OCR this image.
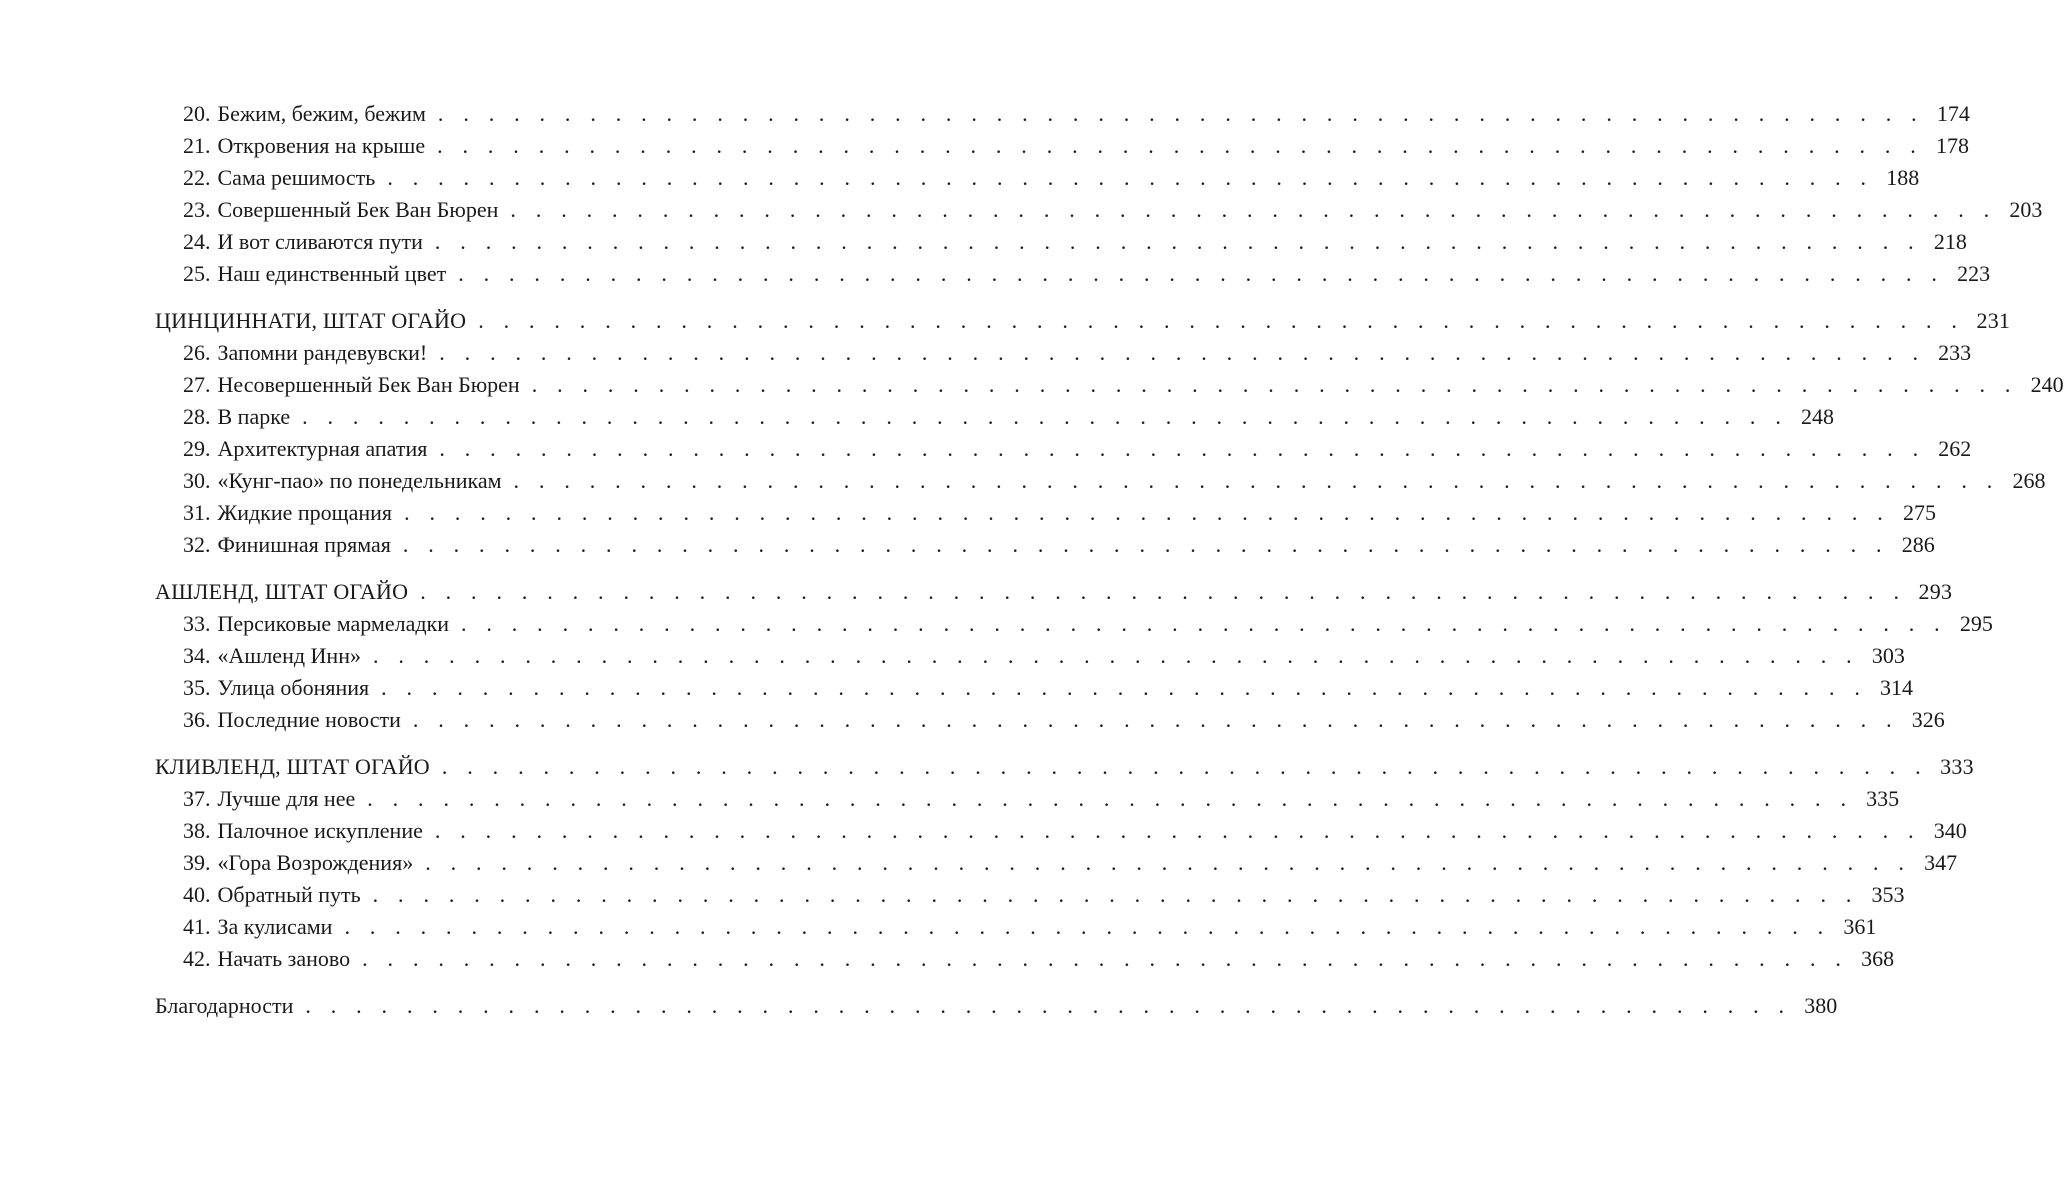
20. Бежим, бежим, бежим . . . . . . . . . . . . . . . . . . . . . . . . . . . . . . . . . . . . . . . . . . . . . . . . . . . . . . . . . . . 174
21. Откровения на крыше . . . . . . . . . . . . . . . . . . . . . . . . . . . . . . . . . . . . . . . . . . . . . . . . . . . . . . . . . . . 178
22. Сама решимость . . . . . . . . . . . . . . . . . . . . . . . . . . . . . . . . . . . . . . . . . . . . . . . . . . . . . . . . . . . 188
23. Совершенный Бек Ван Бюрен . . . . . . . . . . . . . . . . . . . . . . . . . . . . . . . . . . . . . . . . . . . . . . . . . . . . . . . . . . . 203
24. И вот сливаются пути . . . . . . . . . . . . . . . . . . . . . . . . . . . . . . . . . . . . . . . . . . . . . . . . . . . . . . . . . . . 218
25. Наш единственный цвет . . . . . . . . . . . . . . . . . . . . . . . . . . . . . . . . . . . . . . . . . . . . . . . . . . . . . . . . . . . 223
ЦИНЦИННАТИ, ШТАТ ОГАЙО . . . . . . . . . . . . . . . . . . . . . . . . . . . . . . . . . . . . . . . . . . . . . . . . . . . . . . . . . . . 231
26. Запомни рандевувски! . . . . . . . . . . . . . . . . . . . . . . . . . . . . . . . . . . . . . . . . . . . . . . . . . . . . . . . . . . . 233
27. Несовершенный Бек Ван Бюрен . . . . . . . . . . . . . . . . . . . . . . . . . . . . . . . . . . . . . . . . . . . . . . . . . . . . . . . . . . . 240
28. В парке . . . . . . . . . . . . . . . . . . . . . . . . . . . . . . . . . . . . . . . . . . . . . . . . . . . . . . . . . . . 248
29. Архитектурная апатия . . . . . . . . . . . . . . . . . . . . . . . . . . . . . . . . . . . . . . . . . . . . . . . . . . . . . . . . . . . 262
30. «Кунг-пао» по понедельникам . . . . . . . . . . . . . . . . . . . . . . . . . . . . . . . . . . . . . . . . . . . . . . . . . . . . . . . . . . . 268
31. Жидкие прощания . . . . . . . . . . . . . . . . . . . . . . . . . . . . . . . . . . . . . . . . . . . . . . . . . . . . . . . . . . . 275
32. Финишная прямая . . . . . . . . . . . . . . . . . . . . . . . . . . . . . . . . . . . . . . . . . . . . . . . . . . . . . . . . . . . 286
АШЛЕНД, ШТАТ ОГАЙО . . . . . . . . . . . . . . . . . . . . . . . . . . . . . . . . . . . . . . . . . . . . . . . . . . . . . . . . . . . 293
33. Персиковые мармеладки . . . . . . . . . . . . . . . . . . . . . . . . . . . . . . . . . . . . . . . . . . . . . . . . . . . . . . . . . . . 295
34. «Ашленд Инн» . . . . . . . . . . . . . . . . . . . . . . . . . . . . . . . . . . . . . . . . . . . . . . . . . . . . . . . . . . . 303
35. Улица обоняния . . . . . . . . . . . . . . . . . . . . . . . . . . . . . . . . . . . . . . . . . . . . . . . . . . . . . . . . . . . 314
36. Последние новости . . . . . . . . . . . . . . . . . . . . . . . . . . . . . . . . . . . . . . . . . . . . . . . . . . . . . . . . . . . 326
КЛИВЛЕНД, ШТАТ ОГАЙО . . . . . . . . . . . . . . . . . . . . . . . . . . . . . . . . . . . . . . . . . . . . . . . . . . . . . . . . . . . 333
37. Лучше для нее . . . . . . . . . . . . . . . . . . . . . . . . . . . . . . . . . . . . . . . . . . . . . . . . . . . . . . . . . . . 335
38. Палочное искупление . . . . . . . . . . . . . . . . . . . . . . . . . . . . . . . . . . . . . . . . . . . . . . . . . . . . . . . . . . . 340
39. «Гора Возрождения» . . . . . . . . . . . . . . . . . . . . . . . . . . . . . . . . . . . . . . . . . . . . . . . . . . . . . . . . . . . 347
40. Обратный путь . . . . . . . . . . . . . . . . . . . . . . . . . . . . . . . . . . . . . . . . . . . . . . . . . . . . . . . . . . . 353
41. За кулисами . . . . . . . . . . . . . . . . . . . . . . . . . . . . . . . . . . . . . . . . . . . . . . . . . . . . . . . . . . . 361
42. Начать заново . . . . . . . . . . . . . . . . . . . . . . . . . . . . . . . . . . . . . . . . . . . . . . . . . . . . . . . . . . . 368
Благодарности . . . . . . . . . . . . . . . . . . . . . . . . . . . . . . . . . . . . . . . . . . . . . . . . . . . . . . . . . . . 380
